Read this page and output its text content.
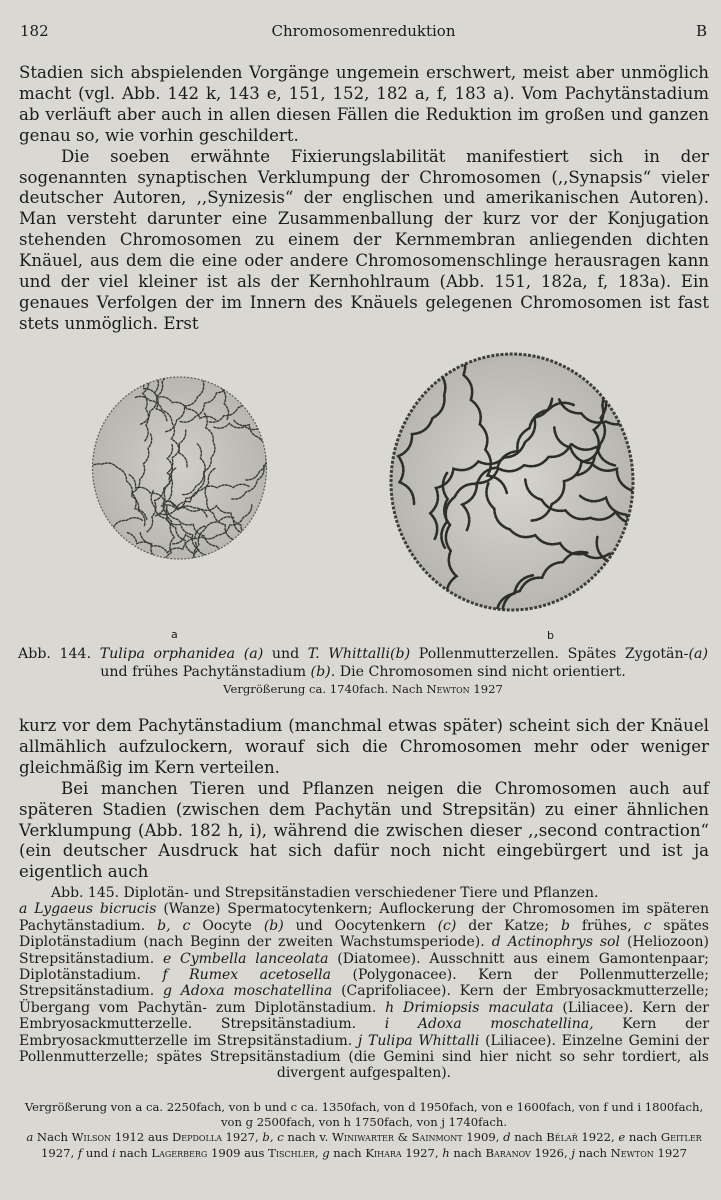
182	Chromosomenreduktion	B

Stadien sich abspielenden Vorgänge ungemein erschwert, meist aber unmöglich macht (vgl. Abb. 142 k, 143 e, 151, 152, 182 a, f, 183 a). Vom Pachytänstadium ab verläuft aber auch in allen diesen Fällen die Reduktion im großen und ganzen genau so, wie vorhin geschildert.

Die soeben erwähnte Fixierungslabilität manifestiert sich in der sogenannten synaptischen Verklumpung der Chromosomen (,,Synapsis“ vieler deutscher Autoren, ,,Synizesis“ der englischen und amerikanischen Autoren). Man versteht darunter eine Zusammenballung der kurz vor der Konjugation stehenden Chromosomen zu einem der Kernmembran anliegenden dichten Knäuel, aus dem die eine oder andere Chromosomenschlinge herausragen kann und der viel kleiner ist als der Kernhohlraum (Abb. 151, 182a, f, 183a). Ein genaues Verfolgen der im Innern des Knäuels gelegenen Chromosomen ist fast stets unmöglich. Erst

a	b
Abb. 144. Tulipa orphanidea (a) und T. Whittalli(b) Pollenmutterzellen. Spätes Zygotän-(a)
und frühes Pachytänstadium (b). Die Chromosomen sind nicht orientiert.
Vergrößerung ca. 1740fach. Nach Newton 1927

kurz vor dem Pachytänstadium (manchmal etwas später) scheint sich der Knäuel allmählich aufzulockern, worauf sich die Chromosomen mehr oder weniger gleichmäßig im Kern verteilen.

Bei manchen Tieren und Pflanzen neigen die Chromosomen auch auf späteren Stadien (zwischen dem Pachytän und Strepsitän) zu einer ähnlichen Verklumpung (Abb. 182 h, i), während die zwischen dieser ,,second contraction“ (ein deutscher Ausdruck hat sich dafür noch nicht eingebürgert und ist ja eigentlich auch

Abb. 145. Diplotän- und Strepsitänstadien verschiedener Tiere und Pflanzen.
a Lygaeus bicrucis (Wanze) Spermatocytenkern; Auflockerung der Chromosomen im späteren Pachytänstadium. b, c Oocyte (b) und Oocytenkern (c) der Katze; b frühes, c spätes Diplotänstadium (nach Beginn der zweiten Wachstumsperiode). d Actinophrys sol (Heliozoon) Strepsitänstadium. e Cymbella lanceolata (Diatomee). Ausschnitt aus einem Gamontenpaar; Diplotänstadium. f Rumex acetosella (Polygonacee). Kern der Pollenmutterzelle; Strepsitänstadium. g Adoxa moschatellina (Caprifoliacee). Kern der Embryosackmutterzelle; Übergang vom Pachytän- zum Diplotänstadium. h Drimiopsis maculata (Liliacee). Kern der Embryosackmutterzelle. Strepsitänstadium. i Adoxa moschatellina, Kern der Embryosackmutterzelle im Strepsitänstadium. j Tulipa Whittalli (Liliacee). Einzelne Gemini der Pollenmutterzelle; spätes Strepsitänstadium (die Gemini sind hier nicht so sehr tordiert, als divergent aufgespalten).
Vergrößerung von a ca. 2250fach, von b und c ca. 1350fach, von d 1950fach, von e 1600fach, von f und i 1800fach, von g 2500fach, von h 1750fach, von j 1740fach.
a Nach Wilson 1912 aus Depdolla 1927, b, c nach v. Winiwarter & Sainmont 1909, d nach Bělař 1922, e nach Geitler 1927, f und i nach Lagerberg 1909 aus Tischler, g nach Kihara 1927, h nach Baranov 1926, j nach Newton 1927
